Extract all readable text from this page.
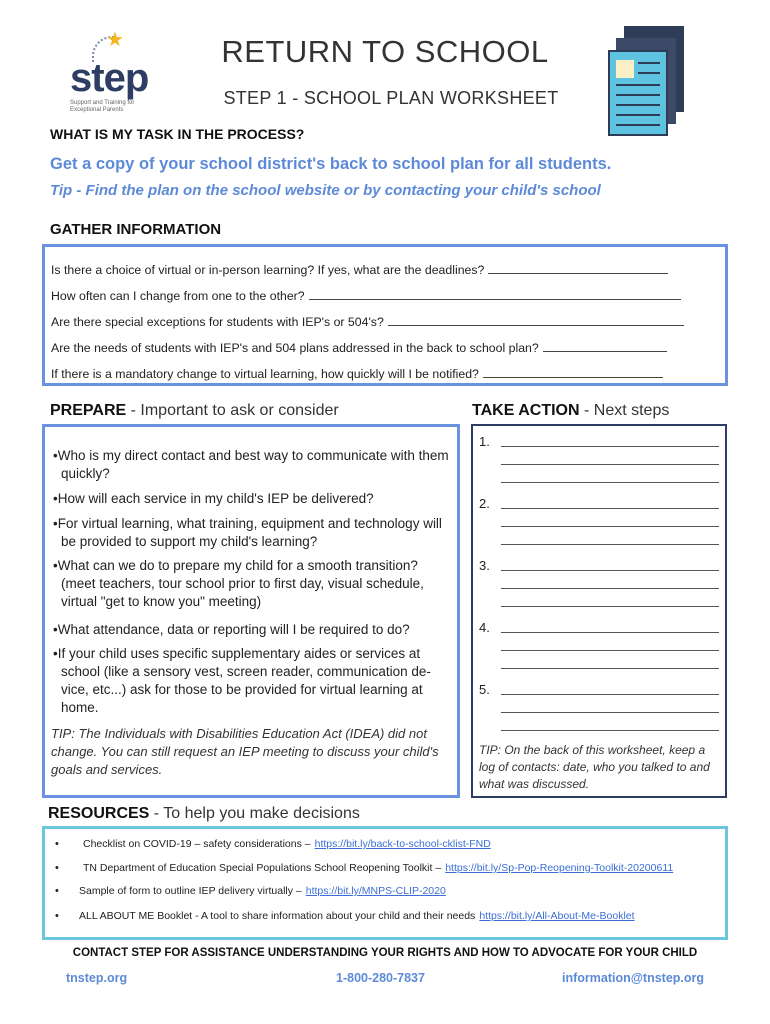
★
step
Support and Training for Exceptional Parents
RETURN TO SCHOOL
STEP 1 - SCHOOL PLAN WORKSHEET
WHAT IS MY TASK IN THE PROCESS?
Get a copy of your school district's back to school plan for all students.
Tip - Find the plan on the school website or by contacting your child's school
GATHER INFORMATION
Is there a choice of virtual or in-person learning? If yes, what are the deadlines?
How often can I change from one to the other?
Are there special exceptions for students with IEP's or 504's?
Are the needs of students with IEP's and 504 plans addressed in the back to school plan?
If there is a mandatory change to virtual learning, how quickly will I be notified?
PREPARE - Important to ask or consider
•Who is my direct contact and best way to communicate with them quickly?
•How will each service in my child's IEP be delivered?
•For virtual learning, what training, equipment and technology will be provided to support my child's learning?
•What can we do to prepare my child for a smooth transition? (meet teachers, tour school prior to first day, visual schedule, virtual "get to know you" meeting)
•What attendance, data or reporting will I be required to do?
•If your child uses specific supplementary aides or services at school (like a sensory vest, screen reader, communication de-vice, etc...) ask for those to be provided for virtual learning at home.
TIP: The Individuals with Disabilities Education Act (IDEA) did not change. You can still request an IEP meeting to discuss your child's goals and services.
TAKE ACTION - Next steps
1.
2.
3.
4.
5.
TIP: On the back of this worksheet, keep a log of contacts: date, who you talked to and what was discussed.
RESOURCES - To help you make decisions
• Checklist on COVID-19 – safety considerations – https://bit.ly/back-to-school-cklist-FND
• TN Department of Education Special Populations School Reopening Toolkit – https://bit.ly/Sp-Pop-Reopening-Toolkit-20200611
• Sample of form to outline IEP delivery virtually – https://bit.ly/MNPS-CLIP-2020
• ALL ABOUT ME Booklet - A tool to share information about your child and their needs https://bit.ly/All-About-Me-Booklet
CONTACT STEP FOR ASSISTANCE UNDERSTANDING YOUR RIGHTS AND HOW TO ADVOCATE FOR YOUR CHILD
tnstep.org	1-800-280-7837	information@tnstep.org
